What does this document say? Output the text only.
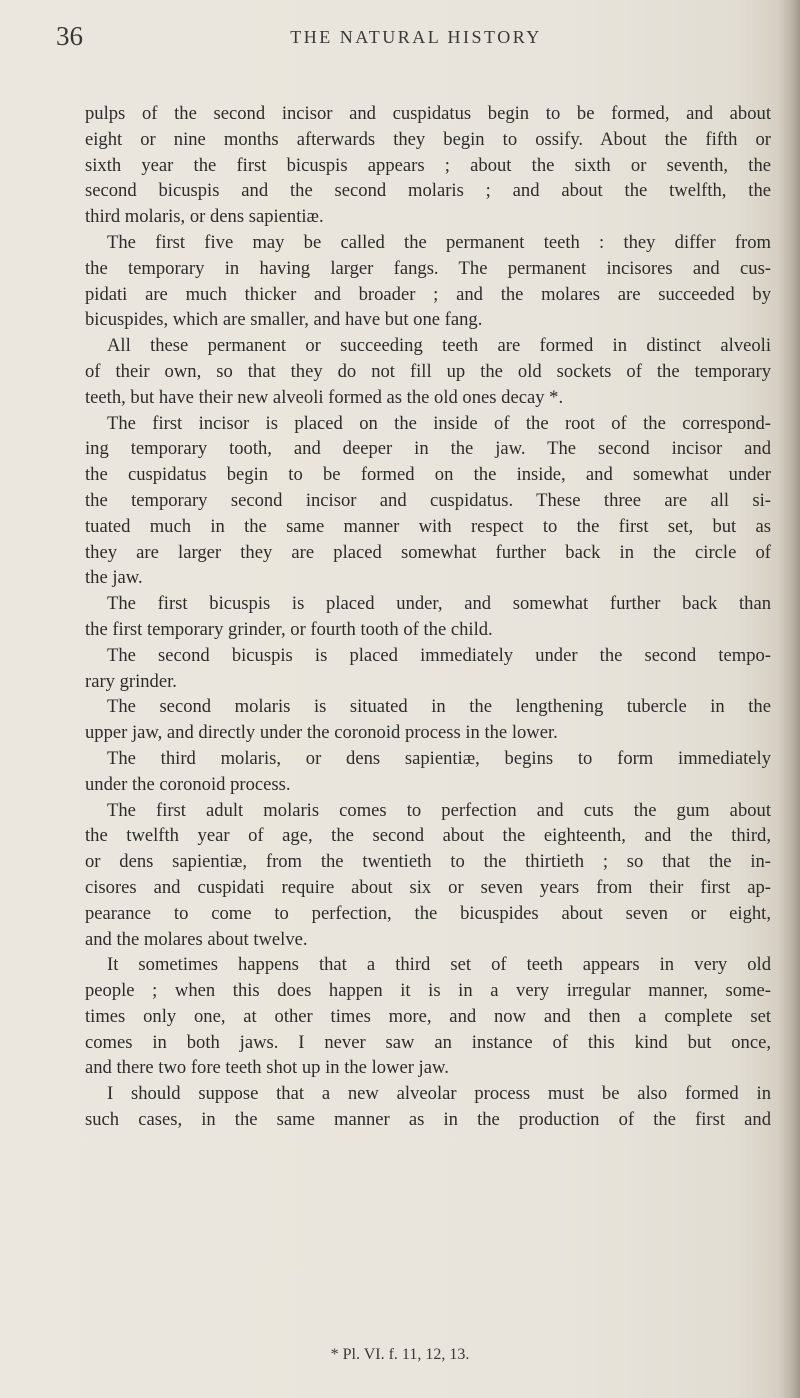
36	THE NATURAL HISTORY
pulps of the second incisor and cuspidatus begin to be formed, and about
eight or nine months afterwards they begin to ossify. About the fifth or
sixth year the first bicuspis appears ; about the sixth or seventh, the
second bicuspis and the second molaris ; and about the twelfth, the
third molaris, or dens sapientiæ.
The first five may be called the permanent teeth : they differ from
the temporary in having larger fangs. The permanent incisores and cus-
pidati are much thicker and broader ; and the molares are succeeded by
bicuspides, which are smaller, and have but one fang.
All these permanent or succeeding teeth are formed in distinct alveoli
of their own, so that they do not fill up the old sockets of the temporary
teeth, but have their new alveoli formed as the old ones decay *.
The first incisor is placed on the inside of the root of the correspond-
ing temporary tooth, and deeper in the jaw. The second incisor and
the cuspidatus begin to be formed on the inside, and somewhat under
the temporary second incisor and cuspidatus. These three are all si-
tuated much in the same manner with respect to the first set, but as
they are larger they are placed somewhat further back in the circle of
the jaw.
The first bicuspis is placed under, and somewhat further back than
the first temporary grinder, or fourth tooth of the child.
The second bicuspis is placed immediately under the second tempo-
rary grinder.
The second molaris is situated in the lengthening tubercle in the
upper jaw, and directly under the coronoid process in the lower.
The third molaris, or dens sapientiæ, begins to form immediately
under the coronoid process.
The first adult molaris comes to perfection and cuts the gum about
the twelfth year of age, the second about the eighteenth, and the third,
or dens sapientiæ, from the twentieth to the thirtieth ; so that the in-
cisores and cuspidati require about six or seven years from their first ap-
pearance to come to perfection, the bicuspides about seven or eight,
and the molares about twelve.
It sometimes happens that a third set of teeth appears in very old
people ; when this does happen it is in a very irregular manner, some-
times only one, at other times more, and now and then a complete set
comes in both jaws. I never saw an instance of this kind but once,
and there two fore teeth shot up in the lower jaw.
I should suppose that a new alveolar process must be also formed in
such cases, in the same manner as in the production of the first and
* Pl. VI. f. 11, 12, 13.
